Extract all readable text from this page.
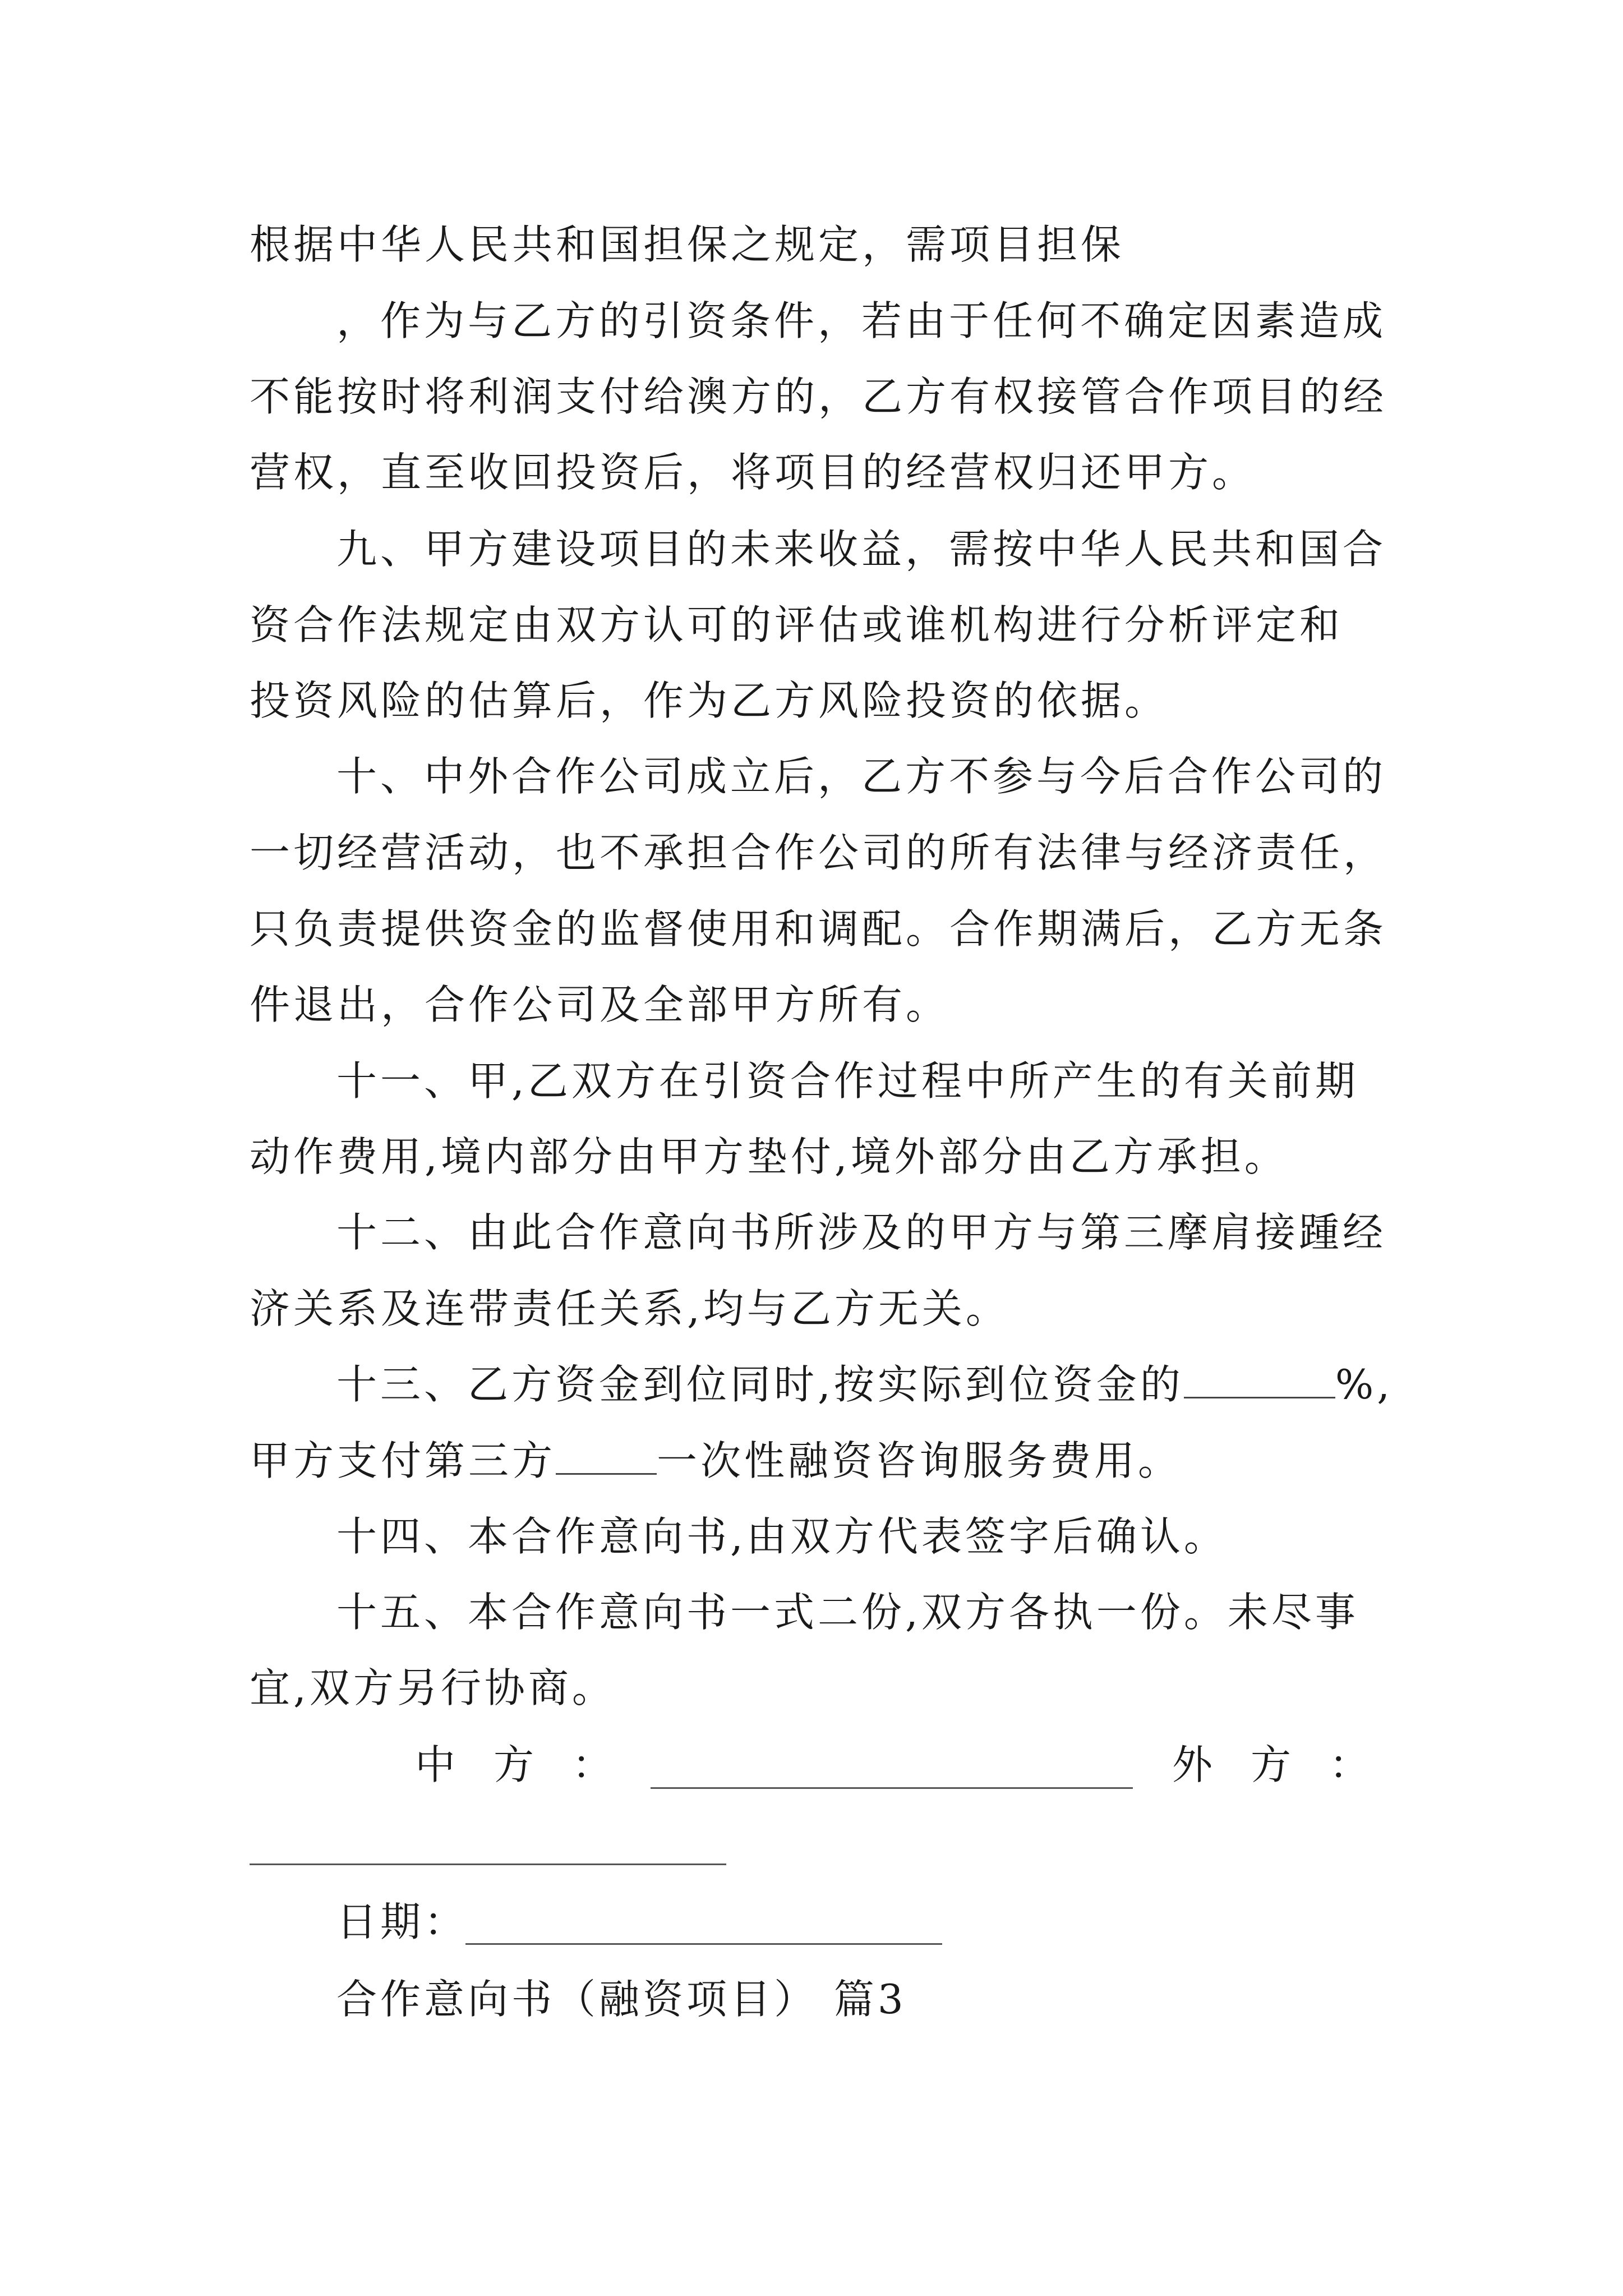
根据中华人民共和国担保之规定，需项目担保
，作为与乙方的引资条件，若由于任何不确定因素造成
不能按时将利润支付给澳方的，乙方有权接管合作项目的经
营权，直至收回投资后，将项目的经营权归还甲方。
九、甲方建设项目的未来收益，需按中华人民共和国合
资合作法规定由双方认可的评估或谁机构进行分析评定和
投资风险的估算后，作为乙方风险投资的依据。
十、中外合作公司成立后，乙方不参与今后合作公司的
一切经营活动，也不承担合作公司的所有法律与经济责任，
只负责提供资金的监督使用和调配。合作期满后，乙方无条
件退出，合作公司及全部甲方所有。
十一、甲,乙双方在引资合作过程中所产生的有关前期
动作费用,境内部分由甲方垫付,境外部分由乙方承担。
十二、由此合作意向书所涉及的甲方与第三摩肩接踵经
济关系及连带责任关系,均与乙方无关。
十三、乙方资金到位同时,按实际到位资金的	%,
甲方支付第三方	一次性融资咨询服务费用。
十四、本合作意向书,由双方代表签字后确认。
十五、本合作意向书一式二份,双方各执一份。未尽事
宜,双方另行协商。
中方：	外方：
日期：
合作意向书（融资项目） 篇3
